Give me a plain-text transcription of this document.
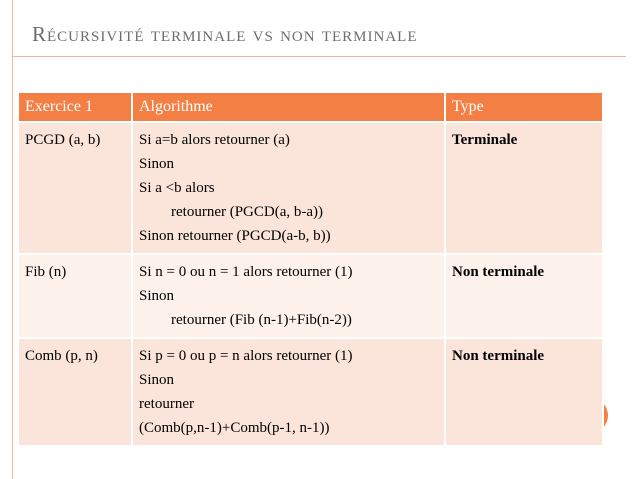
Récursivité terminale vs non terminale
Exercice 1	Algorithme	Type
PCGD (a, b)	Si a=b alors retourner (a)
Sinon
Si a <b alors
retourner (PGCD(a, b-a))
Sinon retourner (PGCD(a-b, b))	Terminale
Fib (n)	Si n = 0 ou n = 1 alors retourner (1)
Sinon
retourner (Fib (n-1)+Fib(n-2))	Non terminale
Comb (p, n)	Si p = 0 ou p = n alors retourner (1)
Sinon
retourner
(Comb(p,n-1)+Comb(p-1, n-1))	Non terminale
